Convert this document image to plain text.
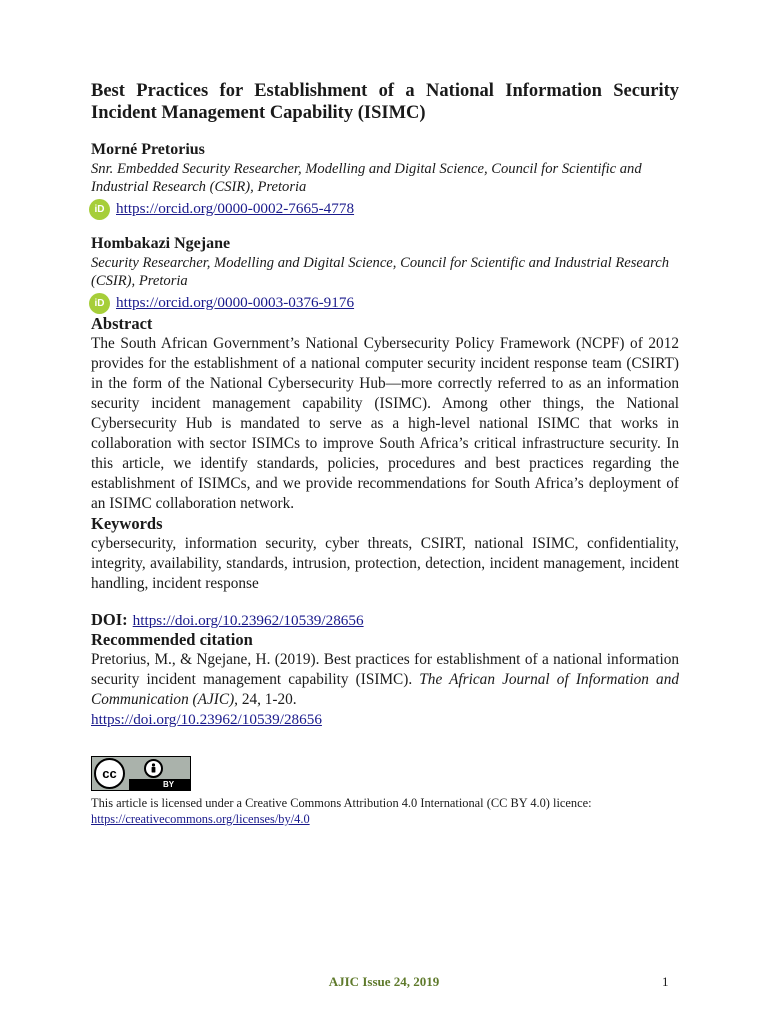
Best Practices for Establishment of a National Information Security Incident Management Capability (ISIMC)
Morné Pretorius
Snr. Embedded Security Researcher, Modelling and Digital Science, Council for Scientific and Industrial Research (CSIR), Pretoria
iD https://orcid.org/0000-0002-7665-4778
Hombakazi Ngejane
Security Researcher, Modelling and Digital Science, Council for Scientific and Industrial Research (CSIR), Pretoria
iD https://orcid.org/0000-0003-0376-9176
Abstract

The South African Government’s National Cybersecurity Policy Framework (NCPF) of 2012 provides for the establishment of a national computer security incident response team (CSIRT) in the form of the National Cybersecurity Hub—more correctly referred to as an information security incident management capability (ISIMC). Among other things, the National Cybersecurity Hub is mandated to serve as a high-level national ISIMC that works in collaboration with sector ISIMCs to improve South Africa’s critical infrastructure security. In this article, we identify standards, policies, procedures and best practices regarding the establishment of ISIMCs, and we provide recommendations for South Africa’s deployment of an ISIMC collaboration network.

Keywords

cybersecurity, information security, cyber threats, CSIRT, national ISIMC, confidentiality, integrity, availability, standards, intrusion, protection, detection, incident management, incident handling, incident response

DOI: https://doi.org/10.23962/10539/28656
Recommended citation

Pretorius, M., & Ngejane, H. (2019). Best practices for establishment of a national information security incident management capability (ISIMC). The African Journal of Information and Communication (AJIC), 24, 1-20.
https://doi.org/10.23962/10539/28656

cc
BY
This article is licensed under a Creative Commons Attribution 4.0 International (CC BY 4.0) licence:
https://creativecommons.org/licenses/by/4.0
AJIC Issue 24, 2019	1
